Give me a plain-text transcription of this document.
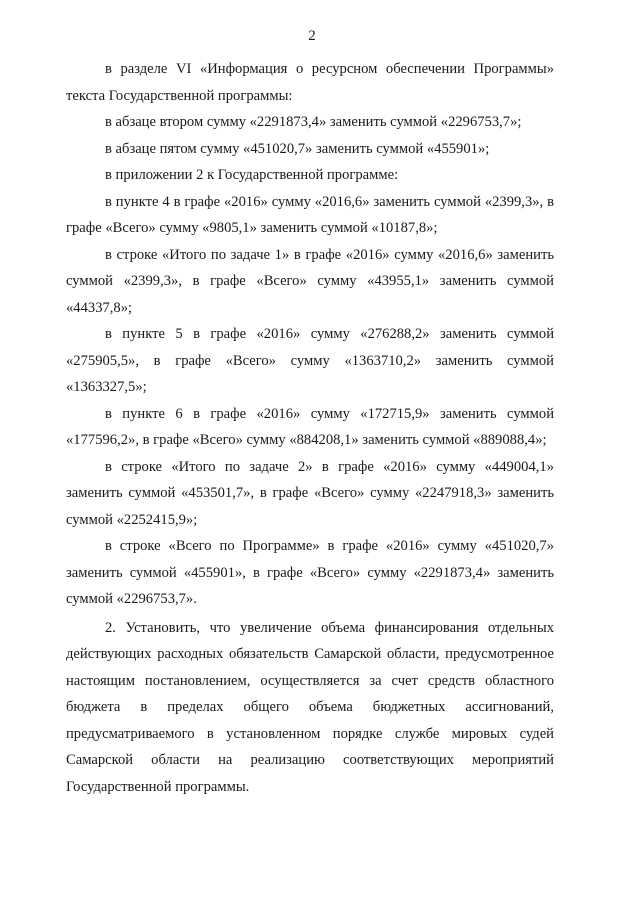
2

в разделе VI «Информация о ресурсном обеспечении Программы» текста Государственной программы:

в абзаце втором сумму «2291873,4» заменить суммой «2296753,7»;

в абзаце пятом сумму «451020,7» заменить суммой «455901»;

в приложении 2 к Государственной программе:

в пункте 4 в графе «2016» сумму «2016,6» заменить суммой «2399,3», в графе «Всего» сумму «9805,1» заменить суммой «10187,8»;

в строке «Итого по задаче 1» в графе «2016» сумму «2016,6» заменить суммой «2399,3», в графе «Всего» сумму «43955,1» заменить суммой «44337,8»;

в пункте 5 в графе «2016» сумму «276288,2» заменить суммой «275905,5», в графе «Всего» сумму «1363710,2» заменить суммой «1363327,5»;

в пункте 6 в графе «2016» сумму «172715,9» заменить суммой «177596,2», в графе «Всего» сумму «884208,1» заменить суммой «889088,4»;

в строке «Итого по задаче 2» в графе «2016» сумму «449004,1» заменить суммой «453501,7», в графе «Всего» сумму «2247918,3» заменить суммой «2252415,9»;

в строке «Всего по Программе» в графе «2016» сумму «451020,7» заменить суммой «455901», в графе «Всего» сумму «2291873,4» заменить суммой «2296753,7».

2. Установить, что увеличение объема финансирования отдельных действующих расходных обязательств Самарской области, предусмотренное настоящим постановлением, осуществляется за счет средств областного бюджета в пределах общего объема бюджетных ассигнований, предусматриваемого в установленном порядке службе мировых судей Самарской области на реализацию соответствующих мероприятий Государственной программы.
